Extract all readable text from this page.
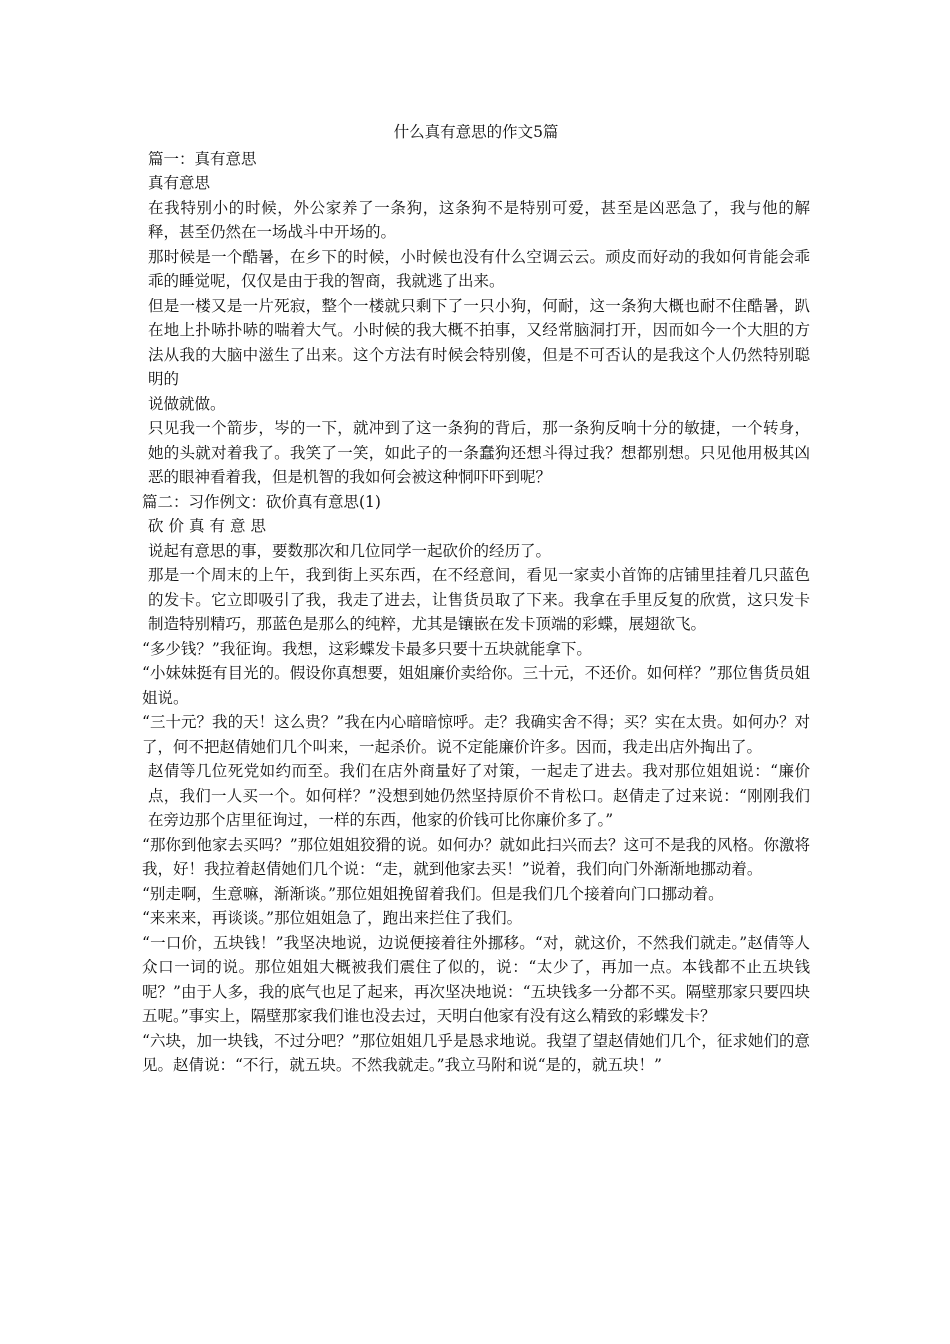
什么真有意思的作文5篇

篇一：真有意思

真有意思

在我特别小的时候，外公家养了一条狗，这条狗不是特别可爱，甚至是凶恶急了，我与他的解释，甚至仍然在一场战斗中开场的。

那时候是一个酷暑，在乡下的时候，小时候也没有什么空调云云。顽皮而好动的我如何肯能会乖乖的睡觉呢，仅仅是由于我的智商，我就逃了出来。

但是一楼又是一片死寂，整个一楼就只剩下了一只小狗，何耐，这一条狗大概也耐不住酷暑，趴在地上扑哧扑哧的喘着大气。小时候的我大概不拍事，又经常脑洞打开，因而如今一个大胆的方法从我的大脑中滋生了出来。这个方法有时候会特别傻，但是不可否认的是我这个人仍然特别聪明的

说做就做。

只见我一个箭步，岑的一下，就冲到了这一条狗的背后，那一条狗反响十分的敏捷，一个转身，她的头就对着我了。我笑了一笑，如此子的一条蠢狗还想斗得过我？想都别想。只见他用极其凶恶的眼神看着我，但是机智的我如何会被这种恫吓吓到呢？

篇二：习作例文：砍价真有意思(1)

砍价真有意思

说起有意思的事，要数那次和几位同学一起砍价的经历了。

那是一个周末的上午，我到街上买东西，在不经意间，看见一家卖小首饰的店铺里挂着几只蓝色的发卡。它立即吸引了我，我走了进去，让售货员取了下来。我拿在手里反复的欣赏，这只发卡制造特别精巧，那蓝色是那么的纯粹，尤其是镶嵌在发卡顶端的彩蝶，展翅欲飞。

“多少钱？”我征询。我想，这彩蝶发卡最多只要十五块就能拿下。

“小妹妹挺有目光的。假设你真想要，姐姐廉价卖给你。三十元，不还价。如何样？”那位售货员姐姐说。

“三十元？我的天！这么贵？”我在内心暗暗惊呼。走？我确实舍不得；买？实在太贵。如何办？对了，何不把赵倩她们几个叫来，一起杀价。说不定能廉价许多。因而，我走出店外掏出了。

赵倩等几位死党如约而至。我们在店外商量好了对策，一起走了进去。我对那位姐姐说：“廉价点，我们一人买一个。如何样？”没想到她仍然坚持原价不肯松口。赵倩走了过来说：“刚刚我们在旁边那个店里征询过，一样的东西，他家的价钱可比你廉价多了。”

“那你到他家去买吗？”那位姐姐狡猾的说。如何办？就如此扫兴而去？这可不是我的风格。你激将我，好！我拉着赵倩她们几个说：“走，就到他家去买！”说着，我们向门外渐渐地挪动着。

“别走啊，生意嘛，渐渐谈。”那位姐姐挽留着我们。但是我们几个接着向门口挪动着。

“来来来，再谈谈。”那位姐姐急了，跑出来拦住了我们。

“一口价，五块钱！”我坚决地说，边说便接着往外挪移。“对，就这价，不然我们就走。”赵倩等人众口一词的说。那位姐姐大概被我们震住了似的，说：“太少了，再加一点。本钱都不止五块钱呢？”由于人多，我的底气也足了起来，再次坚决地说：“五块钱多一分都不买。隔壁那家只要四块五呢。”事实上，隔壁那家我们谁也没去过，天明白他家有没有这么精致的彩蝶发卡？

“六块，加一块钱，不过分吧？”那位姐姐几乎是恳求地说。我望了望赵倩她们几个，征求她们的意见。赵倩说：“不行，就五块。不然我就走。”我立马附和说“是的，就五块！”
